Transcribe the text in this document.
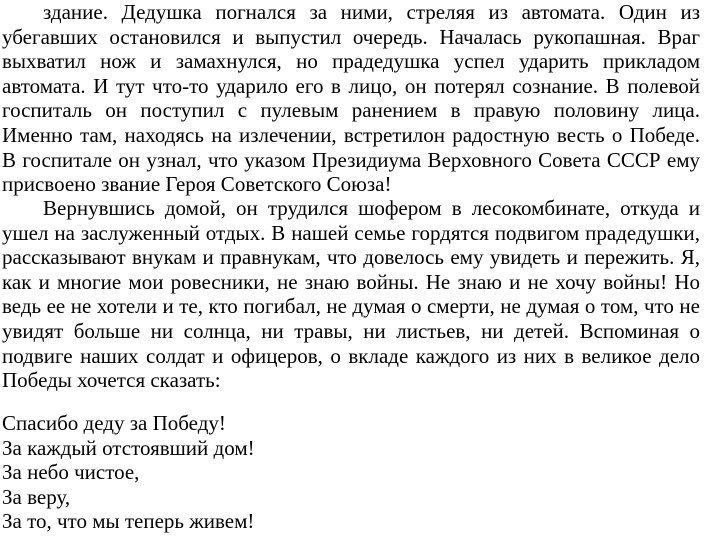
здание. Дедушка погнался за ними, стреляя из автомата. Один из убегавших остановился и выпустил очередь. Началась рукопашная. Враг выхватил нож и замахнулся, но прадедушка успел ударить прикладом автомата. И тут что-то ударило его в лицо, он потерял сознание. В полевой госпиталь он поступил с пулевым ранением в правую половину лица. Именно там, находясь на излечении, встретилон радостную весть о Победе. В госпитале он узнал, что указом Президиума Верховного Совета СССР ему присвоено звание Героя Советского Союза!

Вернувшись домой, он трудился шофером в лесокомбинате, откуда и ушел на заслуженный отдых. В нашей семье гордятся подвигом прадедушки, рассказывают внукам и правнукам, что довелось ему увидеть и пережить. Я, как и многие мои ровесники, не знаю войны. Не знаю и не хочу войны! Но ведь ее не хотели и те, кто погибал, не думая о смерти, не думая о том, что не увидят больше ни солнца, ни травы, ни листьев, ни детей. Вспоминая о подвиге наших солдат и офицеров, о вкладе каждого из них в великое дело Победы хочется сказать:

Спасибо деду за Победу!
За каждый отстоявший дом!
За небо чистое,
За веру,
За то, что мы теперь живем!
